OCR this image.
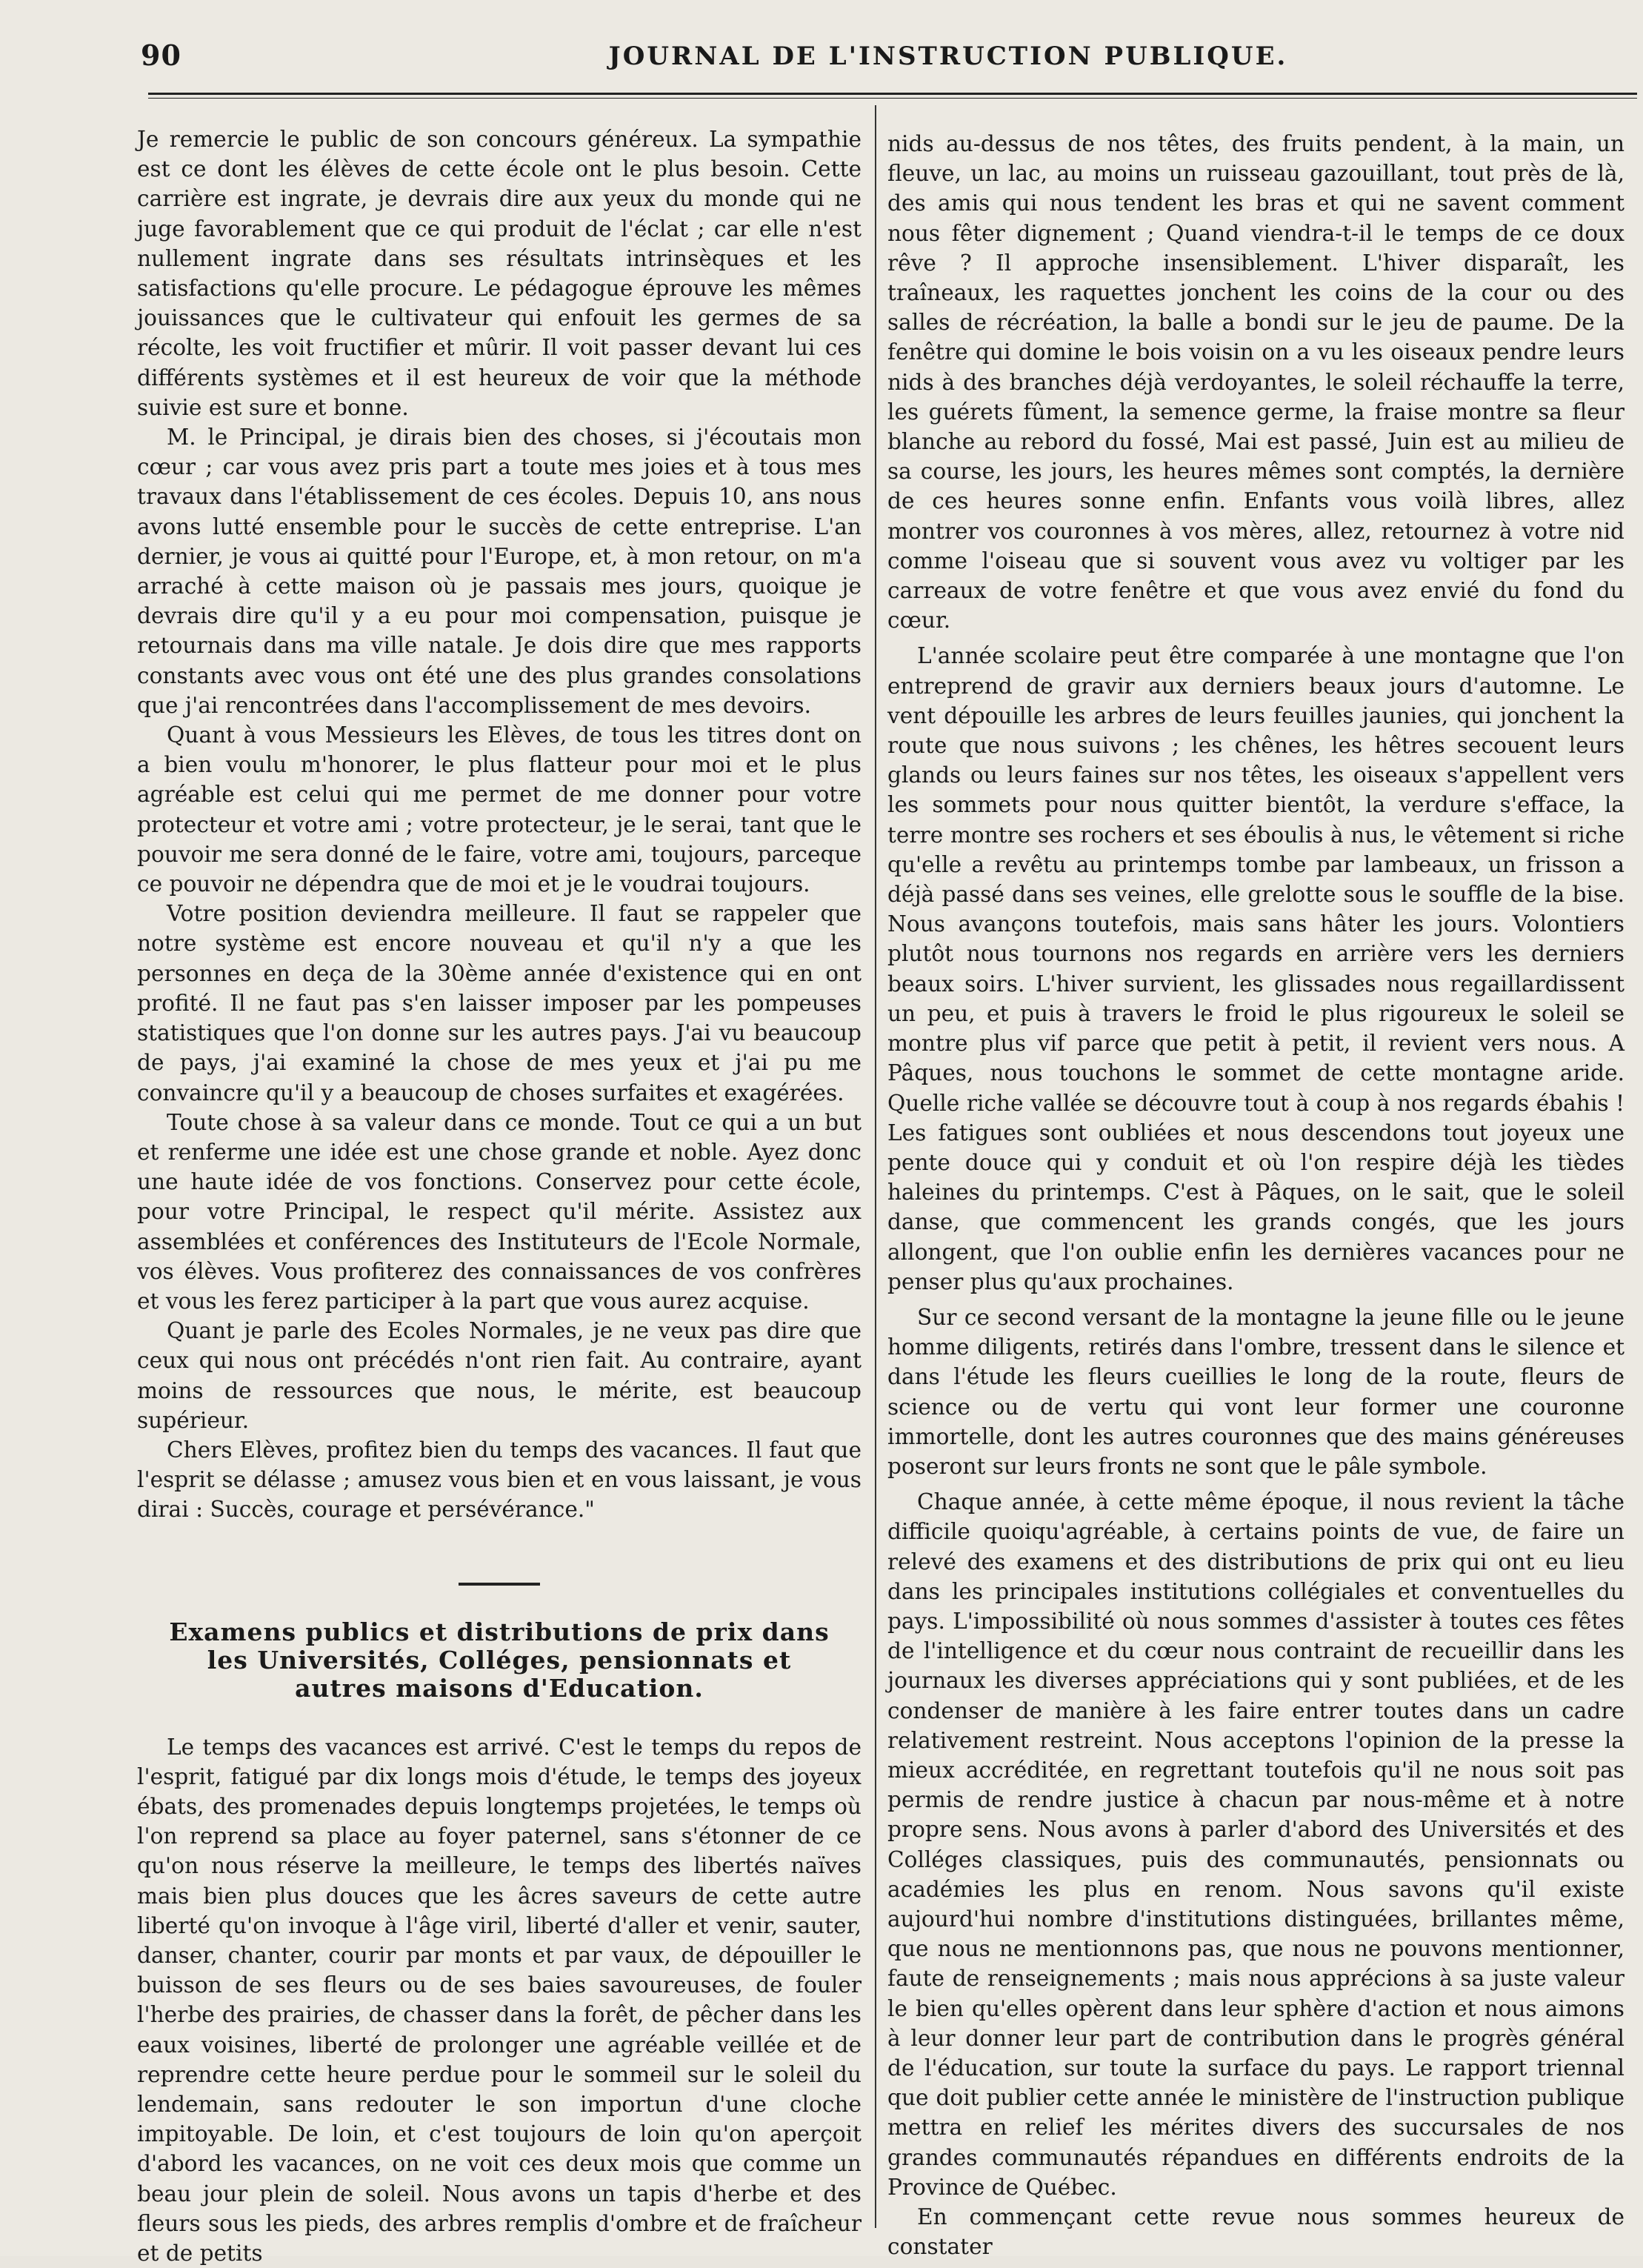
90	JOURNAL DE L'INSTRUCTION PUBLIQUE.

Je remercie le public de son concours généreux. La sympathie est ce dont les élèves de cette école ont le plus besoin. Cette carrière est ingrate, je devrais dire aux yeux du monde qui ne juge favorablement que ce qui produit de l'éclat ; car elle n'est nullement ingrate dans ses résultats intrinsèques et les satisfactions qu'elle procure. Le pédagogue éprouve les mêmes jouissances que le cultivateur qui enfouit les germes de sa récolte, les voit fructifier et mûrir. Il voit passer devant lui ces différents systèmes et il est heureux de voir que la méthode suivie est sure et bonne.

M. le Principal, je dirais bien des choses, si j'écoutais mon cœur ; car vous avez pris part a toute mes joies et à tous mes travaux dans l'établissement de ces écoles. Depuis 10, ans nous avons lutté ensemble pour le succès de cette entreprise. L'an dernier, je vous ai quitté pour l'Europe, et, à mon retour, on m'a arraché à cette maison où je passais mes jours, quoique je devrais dire qu'il y a eu pour moi compensation, puisque je retournais dans ma ville natale. Je dois dire que mes rapports constants avec vous ont été une des plus grandes consolations que j'ai rencontrées dans l'accomplissement de mes devoirs.

Quant à vous Messieurs les Elèves, de tous les titres dont on a bien voulu m'honorer, le plus flatteur pour moi et le plus agréable est celui qui me permet de me donner pour votre protecteur et votre ami ; votre protecteur, je le serai, tant que le pouvoir me sera donné de le faire, votre ami, toujours, parceque ce pouvoir ne dépendra que de moi et je le voudrai toujours.

Votre position deviendra meilleure. Il faut se rappeler que notre système est encore nouveau et qu'il n'y a que les personnes en deça de la 30ème année d'existence qui en ont profité. Il ne faut pas s'en laisser imposer par les pompeuses statistiques que l'on donne sur les autres pays. J'ai vu beaucoup de pays, j'ai examiné la chose de mes yeux et j'ai pu me convaincre qu'il y a beaucoup de choses surfaites et exagérées.

Toute chose à sa valeur dans ce monde. Tout ce qui a un but et renferme une idée est une chose grande et noble. Ayez donc une haute idée de vos fonctions. Conservez pour cette école, pour votre Principal, le respect qu'il mérite. Assistez aux assemblées et conférences des Instituteurs de l'Ecole Normale, vos élèves. Vous profiterez des connaissances de vos confrères et vous les ferez participer à la part que vous aurez acquise.

Quant je parle des Ecoles Normales, je ne veux pas dire que ceux qui nous ont précédés n'ont rien fait. Au contraire, ayant moins de ressources que nous, le mérite, est beaucoup supérieur.

Chers Elèves, profitez bien du temps des vacances. Il faut que l'esprit se délasse ; amusez vous bien et en vous laissant, je vous dirai : Succès, courage et persévérance."

Examens publics et distributions de prix dans
les Universités, Colléges, pensionnats et
autres maisons d'Education.

Le temps des vacances est arrivé. C'est le temps du repos de l'esprit, fatigué par dix longs mois d'étude, le temps des joyeux ébats, des promenades depuis longtemps projetées, le temps où l'on reprend sa place au foyer paternel, sans s'étonner de ce qu'on nous réserve la meilleure, le temps des libertés naïves mais bien plus douces que les âcres saveurs de cette autre liberté qu'on invoque à l'âge viril, liberté d'aller et venir, sauter, danser, chanter, courir par monts et par vaux, de dépouiller le buisson de ses fleurs ou de ses baies savoureuses, de fouler l'herbe des prairies, de chasser dans la forêt, de pêcher dans les eaux voisines, liberté de prolonger une agréable veillée et de reprendre cette heure perdue pour le sommeil sur le soleil du lendemain, sans redouter le son importun d'une cloche impitoyable. De loin, et c'est toujours de loin qu'on aperçoit d'abord les vacances, on ne voit ces deux mois que comme un beau jour plein de soleil. Nous avons un tapis d'herbe et des fleurs sous les pieds, des arbres remplis d'ombre et de fraîcheur et de petits

nids au-dessus de nos têtes, des fruits pendent, à la main, un fleuve, un lac, au moins un ruisseau gazouillant, tout près de là, des amis qui nous tendent les bras et qui ne savent comment nous fêter dignement ; Quand viendra-t-il le temps de ce doux rêve ? Il approche insensiblement. L'hiver disparaît, les traîneaux, les raquettes jonchent les coins de la cour ou des salles de récréation, la balle a bondi sur le jeu de paume. De la fenêtre qui domine le bois voisin on a vu les oiseaux pendre leurs nids à des branches déjà verdoyantes, le soleil réchauffe la terre, les guérets fûment, la semence germe, la fraise montre sa fleur blanche au rebord du fossé, Mai est passé, Juin est au milieu de sa course, les jours, les heures mêmes sont comptés, la dernière de ces heures sonne enfin. Enfants vous voilà libres, allez montrer vos couronnes à vos mères, allez, retournez à votre nid comme l'oiseau que si souvent vous avez vu voltiger par les carreaux de votre fenêtre et que vous avez envié du fond du cœur.

L'année scolaire peut être comparée à une montagne que l'on entreprend de gravir aux derniers beaux jours d'automne. Le vent dépouille les arbres de leurs feuilles jaunies, qui jonchent la route que nous suivons ; les chênes, les hêtres secouent leurs glands ou leurs faines sur nos têtes, les oiseaux s'appellent vers les sommets pour nous quitter bientôt, la verdure s'efface, la terre montre ses rochers et ses éboulis à nus, le vêtement si riche qu'elle a revêtu au printemps tombe par lambeaux, un frisson a déjà passé dans ses veines, elle grelotte sous le souffle de la bise. Nous avançons toutefois, mais sans hâter les jours. Volontiers plutôt nous tournons nos regards en arrière vers les derniers beaux soirs. L'hiver survient, les glissades nous regaillardissent un peu, et puis à travers le froid le plus rigoureux le soleil se montre plus vif parce que petit à petit, il revient vers nous. A Pâques, nous touchons le sommet de cette montagne aride. Quelle riche vallée se découvre tout à coup à nos regards ébahis ! Les fatigues sont oubliées et nous descendons tout joyeux une pente douce qui y conduit et où l'on respire déjà les tièdes haleines du printemps. C'est à Pâques, on le sait, que le soleil danse, que commencent les grands congés, que les jours allongent, que l'on oublie enfin les dernières vacances pour ne penser plus qu'aux prochaines.

Sur ce second versant de la montagne la jeune fille ou le jeune homme diligents, retirés dans l'ombre, tressent dans le silence et dans l'étude les fleurs cueillies le long de la route, fleurs de science ou de vertu qui vont leur former une couronne immortelle, dont les autres couronnes que des mains généreuses poseront sur leurs fronts ne sont que le pâle symbole.

Chaque année, à cette même époque, il nous revient la tâche difficile quoiqu'agréable, à certains points de vue, de faire un relevé des examens et des distributions de prix qui ont eu lieu dans les principales institutions collégiales et conventuelles du pays. L'impossibilité où nous sommes d'assister à toutes ces fêtes de l'intelligence et du cœur nous contraint de recueillir dans les journaux les diverses appréciations qui y sont publiées, et de les condenser de manière à les faire entrer toutes dans un cadre relativement restreint. Nous acceptons l'opinion de la presse la mieux accréditée, en regrettant toutefois qu'il ne nous soit pas permis de rendre justice à chacun par nous-même et à notre propre sens. Nous avons à parler d'abord des Universités et des Colléges classiques, puis des communautés, pensionnats ou académies les plus en renom. Nous savons qu'il existe aujourd'hui nombre d'institutions distinguées, brillantes même, que nous ne mentionnons pas, que nous ne pouvons mentionner, faute de renseignements ; mais nous apprécions à sa juste valeur le bien qu'elles opèrent dans leur sphère d'action et nous aimons à leur donner leur part de contribution dans le progrès général de l'éducation, sur toute la surface du pays. Le rapport triennal que doit publier cette année le ministère de l'instruction publique mettra en relief les mérites divers des succursales de nos grandes communautés répandues en différents endroits de la Province de Québec.

En commençant cette revue nous sommes heureux de constater
